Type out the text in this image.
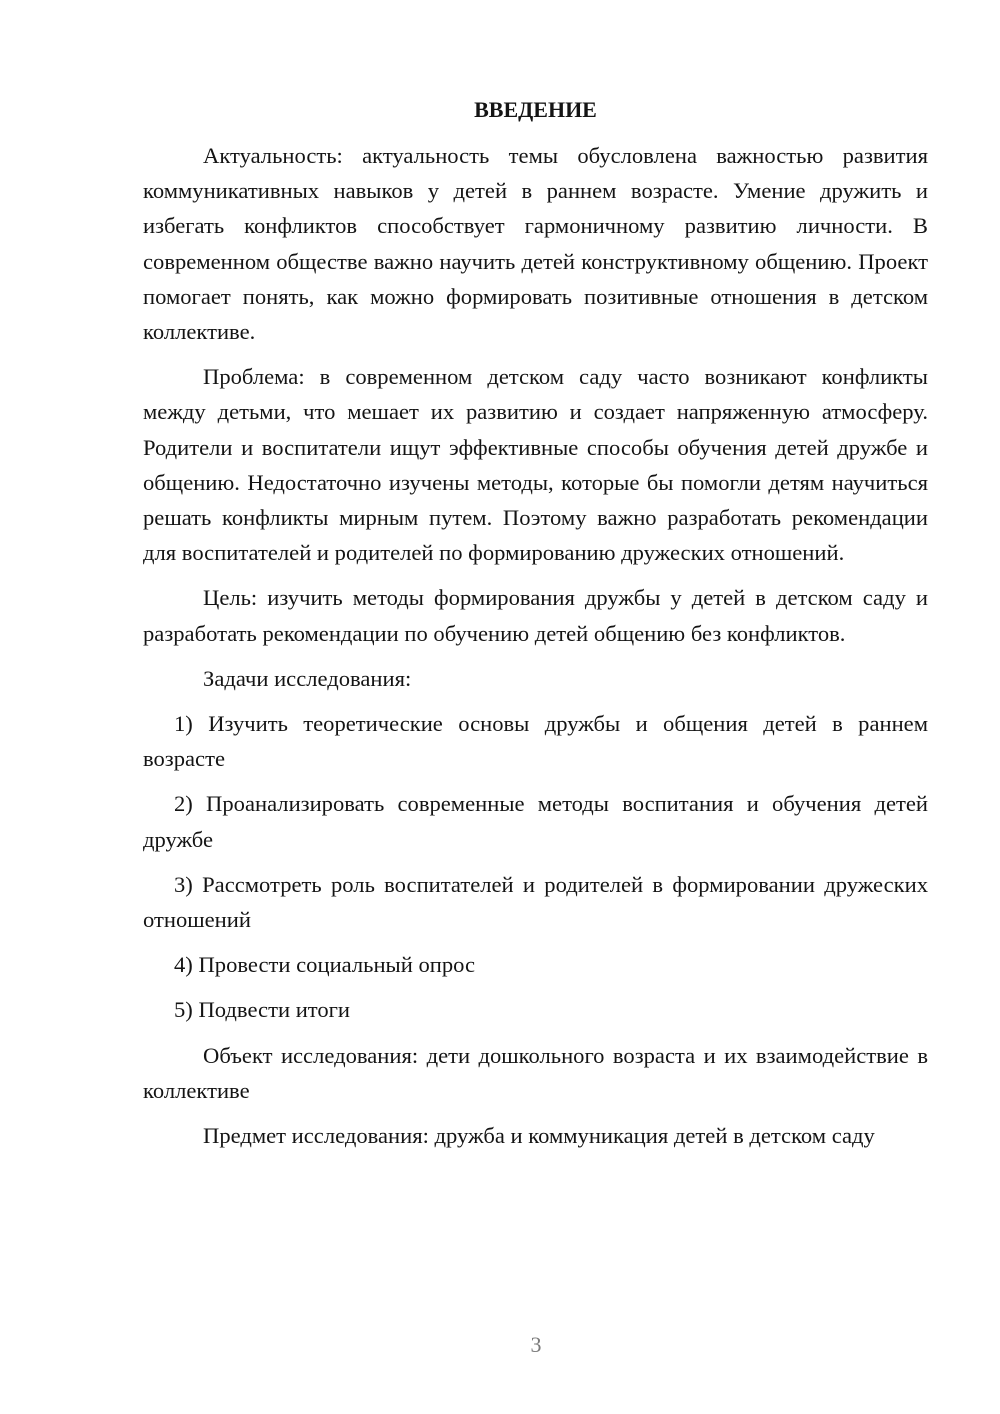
ВВЕДЕНИЕ

Актуальность: актуальность темы обусловлена важностью развития коммуникативных навыков у детей в раннем возрасте. Умение дружить и избегать конфликтов способствует гармоничному развитию личности. В современном обществе важно научить детей конструктивному общению. Проект помогает понять, как можно формировать позитивные отношения в детском коллективе.

Проблема: в современном детском саду часто возникают конфликты между детьми, что мешает их развитию и создает напряженную атмосферу. Родители и воспитатели ищут эффективные способы обучения детей дружбе и общению. Недостаточно изучены методы, которые бы помогли детям научиться решать конфликты мирным путем. Поэтому важно разработать рекомендации для воспитателей и родителей по формированию дружеских отношений.

Цель: изучить методы формирования дружбы у детей в детском саду и разработать рекомендации по обучению детей общению без конфликтов.

Задачи исследования:

1) Изучить теоретические основы дружбы и общения детей в раннем возрасте

2) Проанализировать современные методы воспитания и обучения детей дружбе

3) Рассмотреть роль воспитателей и родителей в формировании дружеских отношений

4) Провести социальный опрос

5) Подвести итоги

Объект исследования: дети дошкольного возраста и их взаимодействие в коллективе

Предмет исследования: дружба и коммуникация детей в детском саду

3
